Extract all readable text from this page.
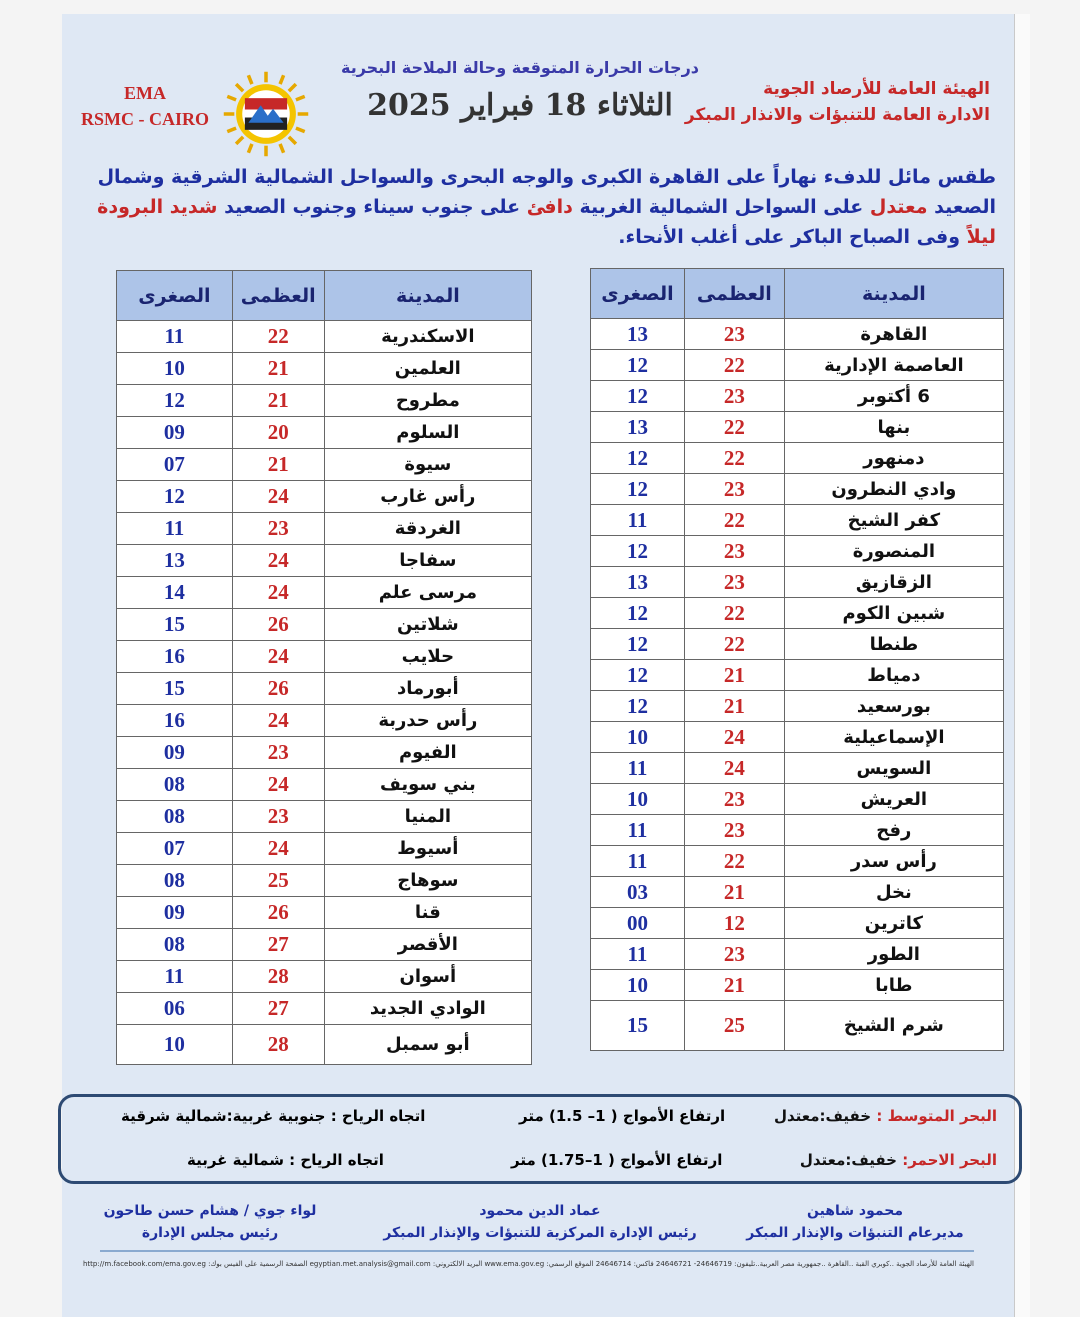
الهيئة العامة للأرصاد الجوية
الادارة العامة للتنبؤات والانذار المبكر
درجات الحرارة المتوقعة وحالة الملاحة البحرية
الثلاثاء 18 فبراير 2025
EMA
RSMC - CAIRO
طقس مائل للدفء نهاراً على القاهرة الكبرى والوجه البحرى والسواحل الشمالية الشرقية وشمال الصعيد معتدل على السواحل الشمالية الغربية دافئ على جنوب سيناء وجنوب الصعيد شديد البرودة ليلاً وفى الصباح الباكر على أغلب الأنحاء.
المدينة	العظمى	الصغرى
القاهرة	23	13
العاصمة الإدارية	22	12
6 أكتوبر	23	12
بنها	22	13
دمنهور	22	12
وادي النطرون	23	12
كفر الشيخ	22	11
المنصورة	23	12
الزقازيق	23	13
شبين الكوم	22	12
طنطا	22	12
دمياط	21	12
بورسعيد	21	12
الإسماعيلية	24	10
السويس	24	11
العريش	23	10
رفح	23	11
رأس سدر	22	11
نخل	21	03
كاترين	12	00
الطور	23	11
طابا	21	10
شرم الشيخ	25	15
المدينة	العظمى	الصغرى
الاسكندرية	22	11
العلمين	21	10
مطروح	21	12
السلوم	20	09
سيوة	21	07
رأس غارب	24	12
الغردقة	23	11
سفاجا	24	13
مرسى علم	24	14
شلاتين	26	15
حلايب	24	16
أبورماد	26	15
رأس حدربة	24	16
الفيوم	23	09
بني سويف	24	08
المنيا	23	08
أسيوط	24	07
سوهاج	25	08
قنا	26	09
الأقصر	27	08
أسوان	28	11
الوادي الجديد	27	06
أبو سمبل	28	10
البحر المتوسط : خفيف:معتدل
ارتفاع الأمواج ( 1– 1.5) متر
اتجاه الرياح : جنوبية غربية:شمالية شرقية
البحر الاحمر: خفيف:معتدل
ارتفاع الأمواج ( 1–1.75) متر
اتجاه الرياح : شمالية غربية
محمود شاهين
مديرعام التنبؤات والإنذار المبكر
عماد الدين محمود
رئيس الإدارة المركزية للتنبؤات والإنذار المبكر
لواء جوي / هشام حسن طاحون
رئيس مجلس الإدارة
الهيئة العامة للأرصاد الجوية ..كوبري القبة ..القاهرة ..جمهورية مصر العربية..تليفون: 24646719- 24646721 فاكس: 24646714 الموقع الرسمي: www.ema.gov.eg البريد الالكتروني: egyptian.met.analysis@gmail.com الصفحة الرسمية على الفيس بوك: http://m.facebook.com/ema.gov.eg
